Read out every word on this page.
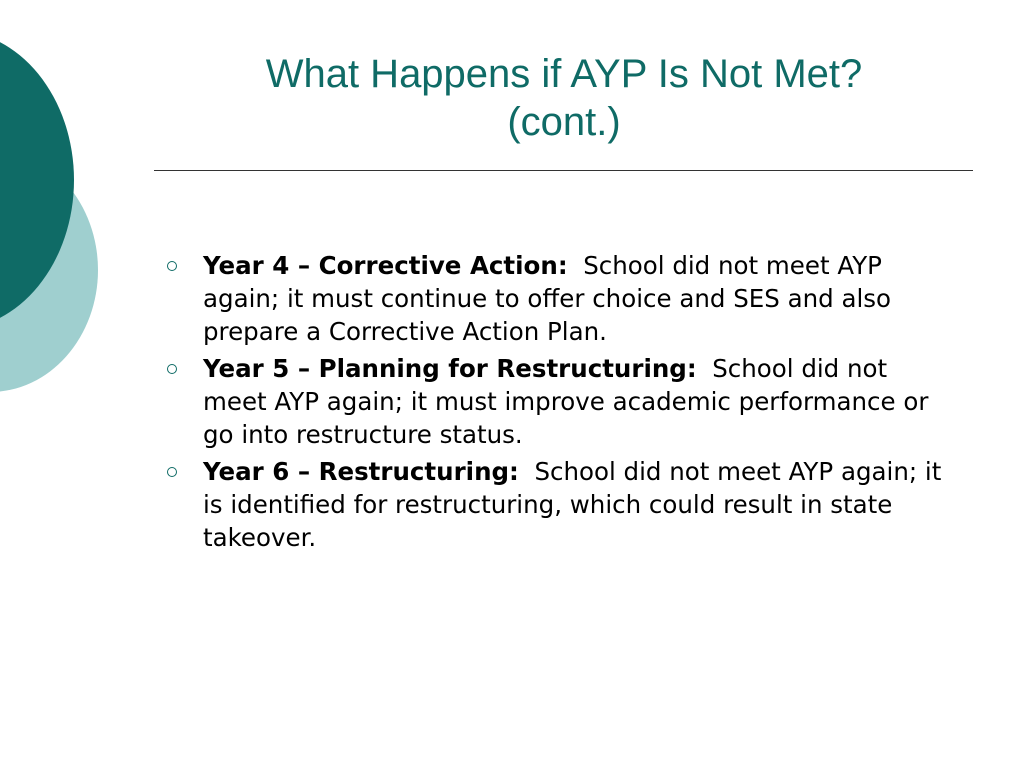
What Happens if AYP Is Not Met?
(cont.)
Year 4 – Corrective Action: School did not meet AYP again; it must continue to offer choice and SES and also prepare a Corrective Action Plan.
Year 5 – Planning for Restructuring: School did not meet AYP again; it must improve academic performance or go into restructure status.
Year 6 – Restructuring: School did not meet AYP again; it is identified for restructuring, which could result in state takeover.
